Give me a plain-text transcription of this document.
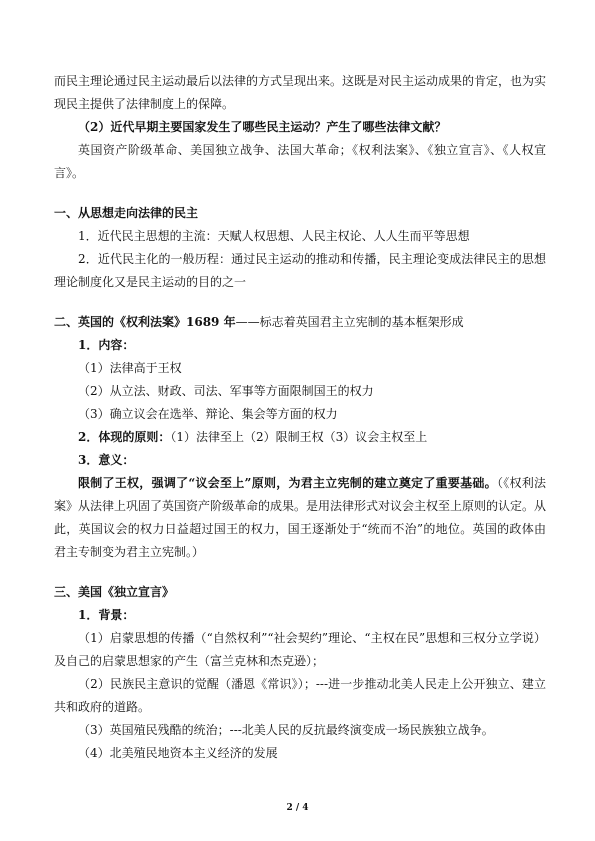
而民主理论通过民主运动最后以法律的方式呈现出来。这既是对民主运动成果的肯定，也为实现民主提供了法律制度上的保障。

（2）近代早期主要国家发生了哪些民主运动？产生了哪些法律文献？

英国资产阶级革命、美国独立战争、法国大革命；《权利法案》、《独立宣言》、《人权宣言》。

一、从思想走向法律的民主

1．近代民主思想的主流：天赋人权思想、人民主权论、人人生而平等思想

2．近代民主化的一般历程：通过民主运动的推动和传播，民主理论变成法律民主的思想理论制度化又是民主运动的目的之一

二、英国的《权利法案》1689 年——标志着英国君主立宪制的基本框架形成

1．内容：

（1）法律高于王权

（2）从立法、财政、司法、军事等方面限制国王的权力

（3）确立议会在选举、辩论、集会等方面的权力

2．体现的原则：（1）法律至上（2）限制王权（3）议会主权至上

3．意义：

限制了王权，强调了“议会至上”原则，为君主立宪制的建立奠定了重要基础。（《权利法案》从法律上巩固了英国资产阶级革命的成果。是用法律形式对议会主权至上原则的认定。从此，英国议会的权力日益超过国王的权力，国王逐渐处于“统而不治”的地位。英国的政体由君主专制变为君主立宪制。）

三、美国《独立宣言》

1．背景：

（1）启蒙思想的传播（“自然权利”“社会契约”理论、“主权在民”思想和三权分立学说）及自己的启蒙思想家的产生（富兰克林和杰克逊）；

（2）民族民主意识的觉醒（潘恩《常识》）；---进一步推动北美人民走上公开独立、建立共和政府的道路。

（3）英国殖民残酷的统治；---北美人民的反抗最终演变成一场民族独立战争。

（4）北美殖民地资本主义经济的发展

2 / 4
